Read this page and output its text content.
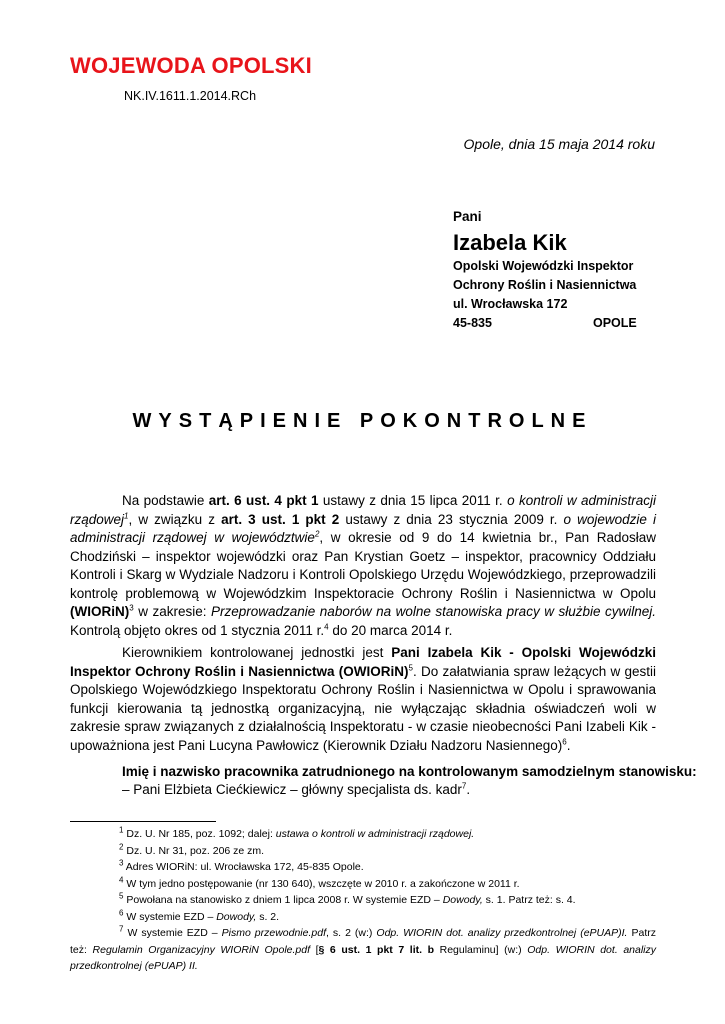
WOJEWODA OPOLSKI
NK.IV.1611.1.2014.RCh
Opole, dnia 15 maja 2014 roku
Pani
Izabela Kik
Opolski Wojewódzki Inspektor
Ochrony Roślin i Nasiennictwa
ul. Wrocławska 172
45-835	OPOLE
WYSTĄPIENIE POKONTROLNE

Na podstawie art. 6 ust. 4 pkt 1 ustawy z dnia 15 lipca 2011 r. o kontroli w administracji rządowej$^1$, w związku z art. 3 ust. 1 pkt 2 ustawy z dnia 23 stycznia 2009 r. o wojewodzie i administracji rządowej w województwie$^2$, w okresie od 9 do 14 kwietnia br., Pan Radosław Chodziński – inspektor wojewódzki oraz Pan Krystian Goetz – inspektor, pracownicy Oddziału Kontroli i Skarg w Wydziale Nadzoru i Kontroli Opolskiego Urzędu Wojewódzkiego, przeprowadzili kontrolę problemową w Wojewódzkim Inspektoracie Ochrony Roślin i Nasiennictwa w Opolu (WIORiN)$^3$ w zakresie: Przeprowadzanie naborów na wolne stanowiska pracy w służbie cywilnej. Kontrolą objęto okres od 1 stycznia 2011 r.$^4$ do 20 marca 2014 r.

Kierownikiem kontrolowanej jednostki jest Pani Izabela Kik - Opolski Wojewódzki Inspektor Ochrony Roślin i Nasiennictwa (OWIORiN)$^5$. Do załatwiania spraw leżących w gestii Opolskiego Wojewódzkiego Inspektoratu Ochrony Roślin i Nasiennictwa w Opolu i sprawowania funkcji kierowania tą jednostką organizacyjną, nie wyłączając składnia oświadczeń woli w zakresie spraw związanych z działalnością Inspektoratu - w czasie nieobecności Pani Izabeli Kik - upoważniona jest Pani Lucyna Pawłowicz (Kierownik Działu Nadzoru Nasiennego)$^6$.

Imię i nazwisko pracownika zatrudnionego na kontrolowanym samodzielnym stanowisku:
– Pani Elżbieta Ciećkiewicz – główny specjalista ds. kadr$^7$.
$^1$ Dz. U. Nr 185, poz. 1092; dalej: ustawa o kontroli w administracji rządowej.
$^2$ Dz. U. Nr 31, poz. 206 ze zm.
$^3$ Adres WIORiN: ul. Wrocławska 172, 45-835 Opole.
$^4$ W tym jedno postępowanie (nr 130 640), wszczęte w 2010 r. a zakończone w 2011 r.
$^5$ Powołana na stanowisko z dniem 1 lipca 2008 r. W systemie EZD – Dowody, s. 1. Patrz też: s. 4.
$^6$ W systemie EZD – Dowody, s. 2.
$^7$ W systemie EZD – Pismo przewodnie.pdf, s. 2 (w:) Odp. WIORIN dot. analizy przedkontrolnej (ePUAP)I. Patrz też: Regulamin Organizacyjny WIORiN Opole.pdf [§ 6 ust. 1 pkt 7 lit. b Regulaminu] (w:) Odp. WIORIN dot. analizy przedkontrolnej (ePUAP) II.
